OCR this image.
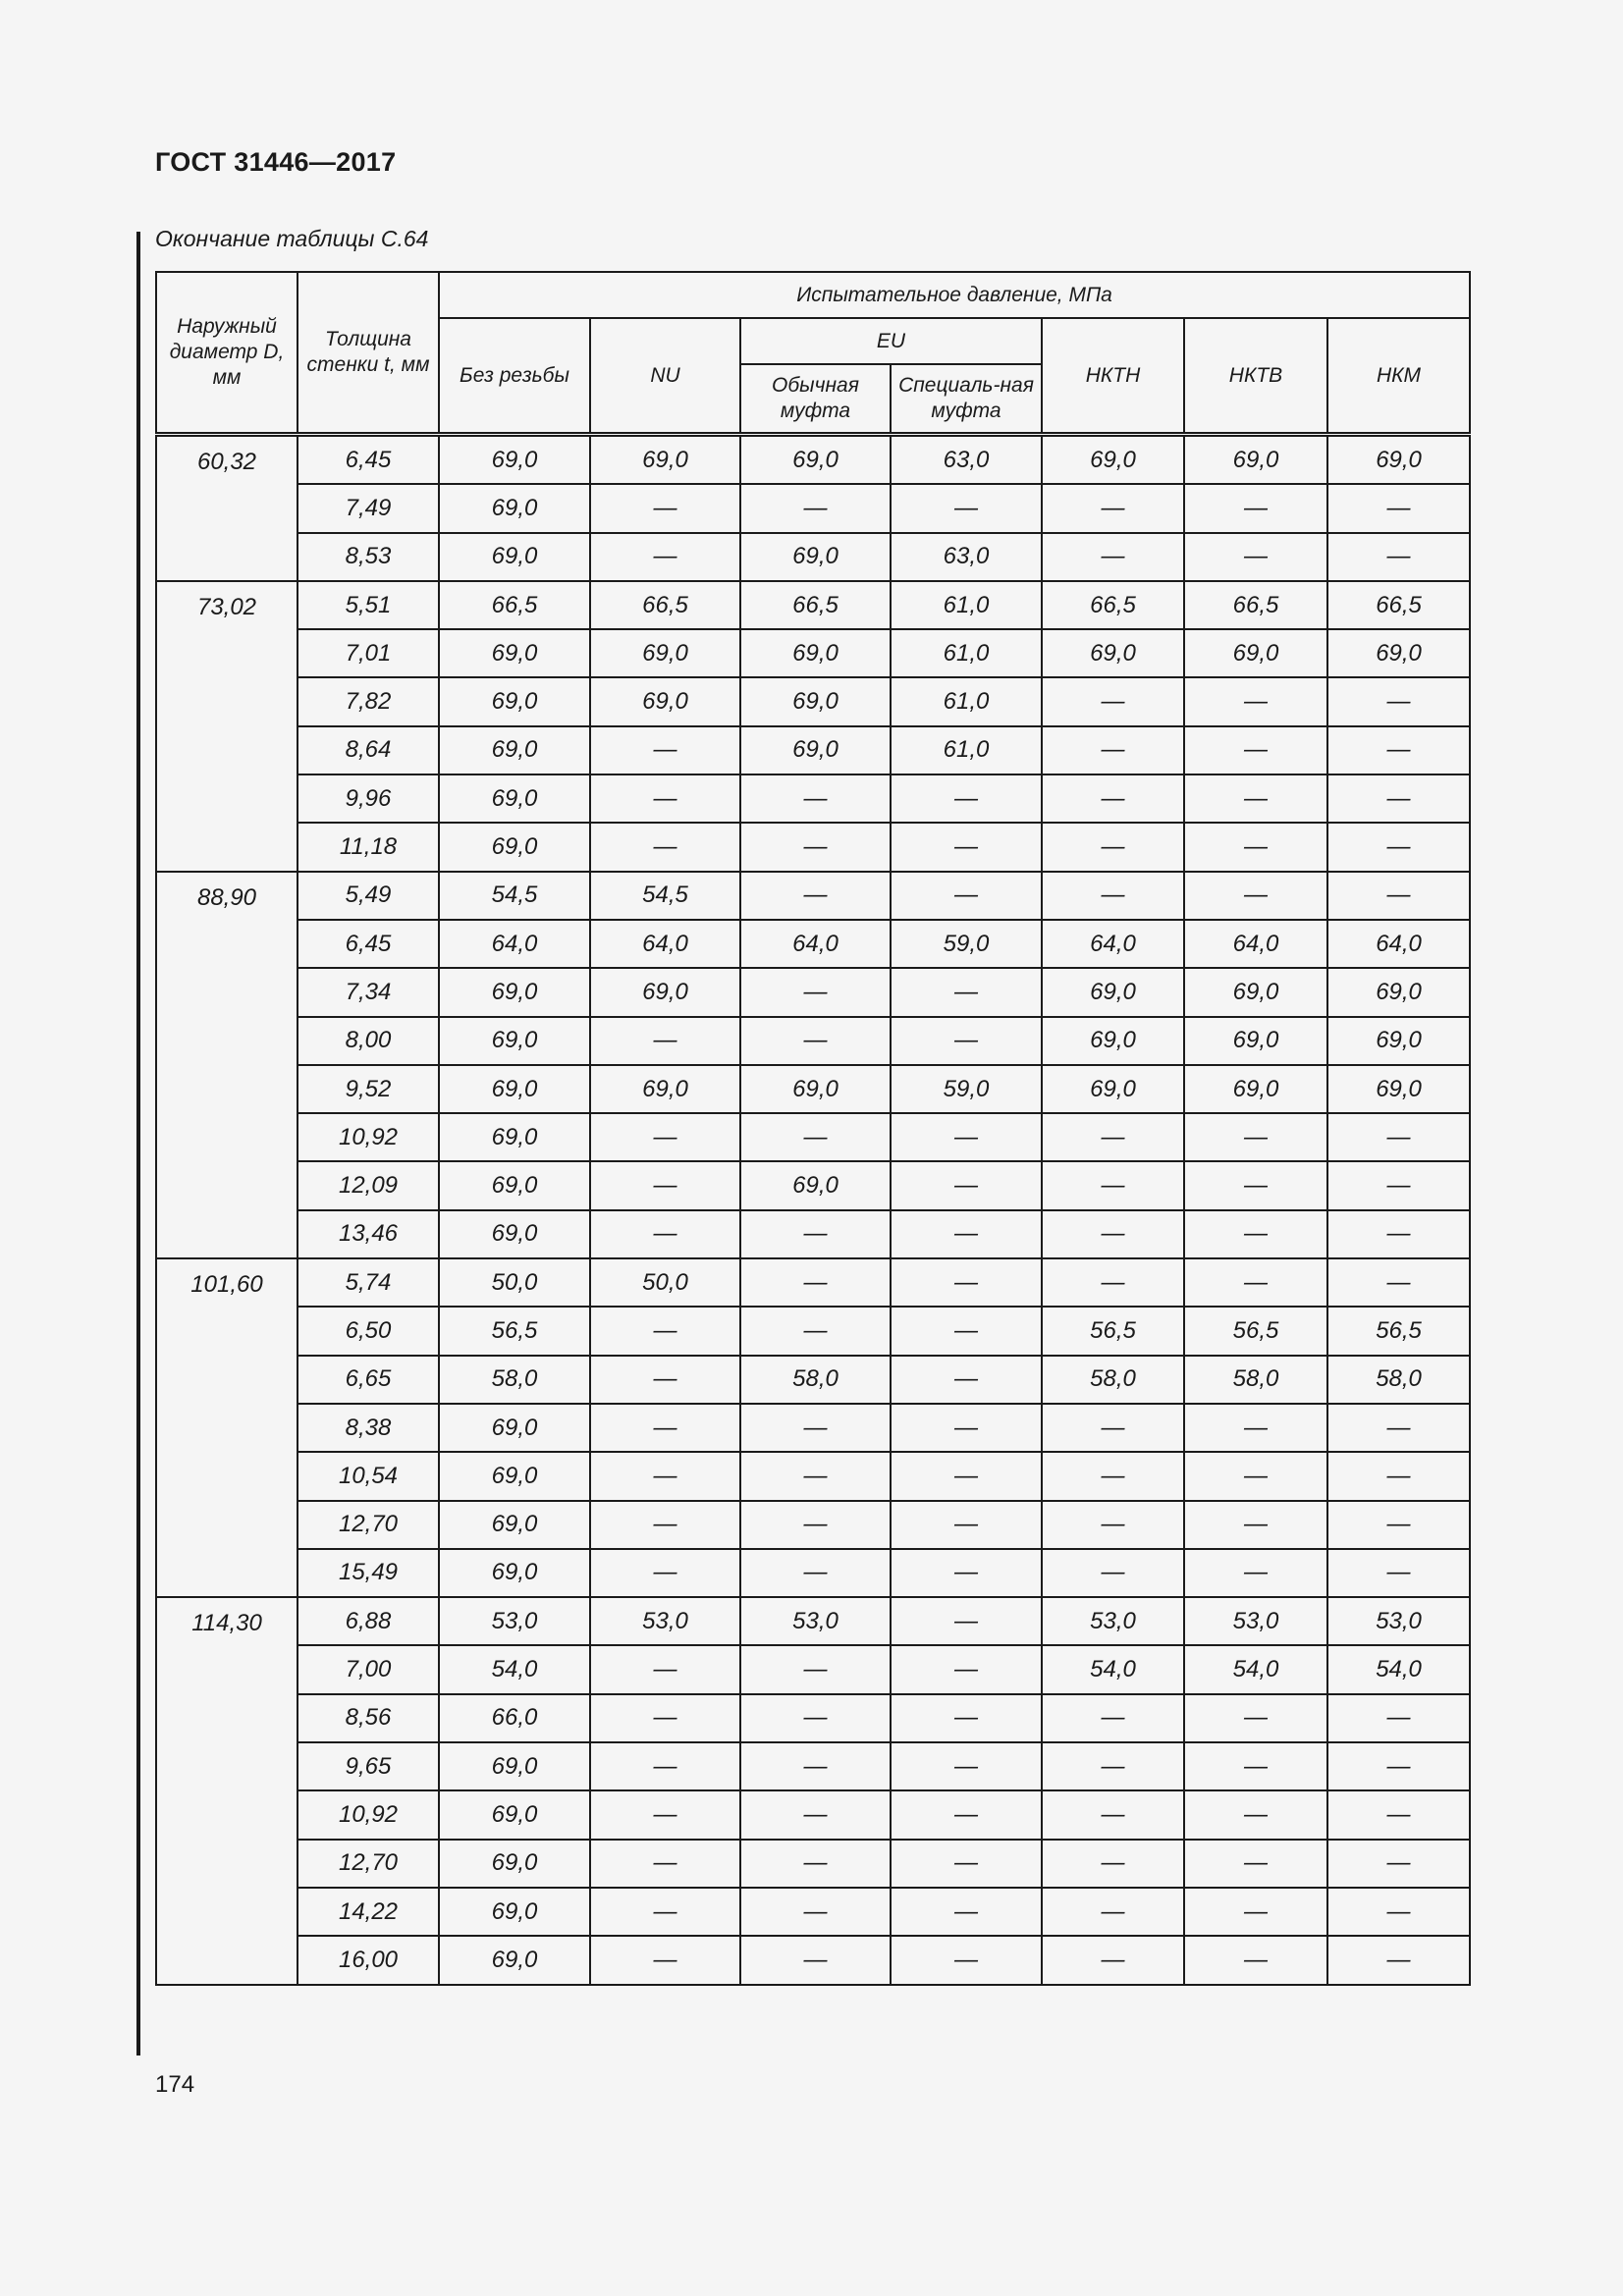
ГОСТ 31446—2017
Окончание таблицы С.64
Наружный диаметр D, мм	Толщина стенки t, мм	Испытательное давление, МПа						
		Без резьбы	NU	EU		НКТН	НКТВ	НКМ
				Обычная муфта	Специаль-ная муфта			
60,32	6,45	69,0	69,0	69,0	63,0	69,0	69,0	69,0
	7,49	69,0	—	—	—	—	—	—
	8,53	69,0	—	69,0	63,0	—	—	—
73,02	5,51	66,5	66,5	66,5	61,0	66,5	66,5	66,5
	7,01	69,0	69,0	69,0	61,0	69,0	69,0	69,0
	7,82	69,0	69,0	69,0	61,0	—	—	—
	8,64	69,0	—	69,0	61,0	—	—	—
	9,96	69,0	—	—	—	—	—	—
	11,18	69,0	—	—	—	—	—	—
88,90	5,49	54,5	54,5	—	—	—	—	—
	6,45	64,0	64,0	64,0	59,0	64,0	64,0	64,0
	7,34	69,0	69,0	—	—	69,0	69,0	69,0
	8,00	69,0	—	—	—	69,0	69,0	69,0
	9,52	69,0	69,0	69,0	59,0	69,0	69,0	69,0
	10,92	69,0	—	—	—	—	—	—
	12,09	69,0	—	69,0	—	—	—	—
	13,46	69,0	—	—	—	—	—	—
101,60	5,74	50,0	50,0	—	—	—	—	—
	6,50	56,5	—	—	—	56,5	56,5	56,5
	6,65	58,0	—	58,0	—	58,0	58,0	58,0
	8,38	69,0	—	—	—	—	—	—
	10,54	69,0	—	—	—	—	—	—
	12,70	69,0	—	—	—	—	—	—
	15,49	69,0	—	—	—	—	—	—
114,30	6,88	53,0	53,0	53,0	—	53,0	53,0	53,0
	7,00	54,0	—	—	—	54,0	54,0	54,0
	8,56	66,0	—	—	—	—	—	—
	9,65	69,0	—	—	—	—	—	—
	10,92	69,0	—	—	—	—	—	—
	12,70	69,0	—	—	—	—	—	—
	14,22	69,0	—	—	—	—	—	—
	16,00	69,0	—	—	—	—	—	—
174
